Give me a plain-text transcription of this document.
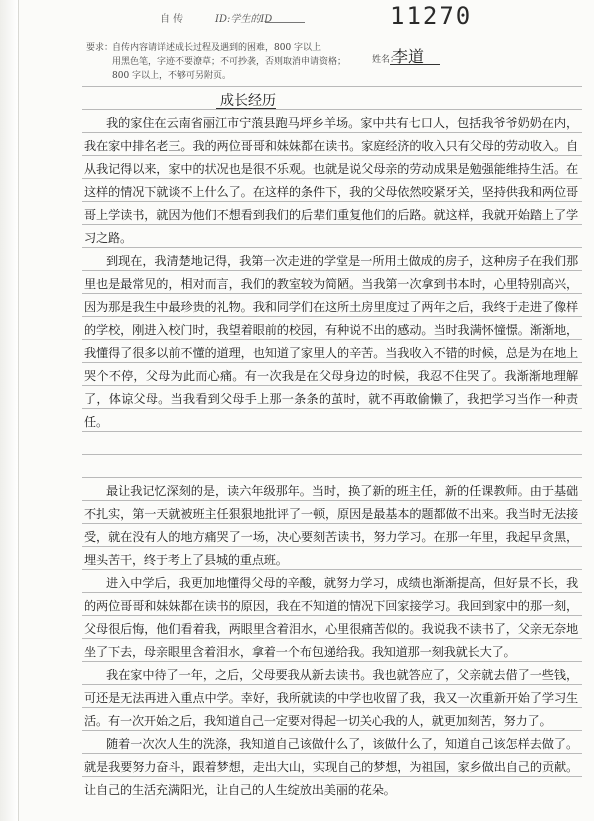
自 传	ID:学生的ID	11270
要求：
自传内容请详述成长过程及遇到的困难，800 字以上
用黑色笔，字迹不要潦草；不可抄袭，否则取消申请资格；
800 字以上，不够可另附页。
姓名：
李道
成长经历
我的家住在云南省丽江市宁蒗县跑马坪乡羊场。家中共有七口人，包括我爷爷奶奶在内，我在家中排名老三。我的两位哥哥和妹妹都在读书。家庭经济的收入只有父母的劳动收入。自从我记得以来，家中的状况也是很不乐观。也就是说父母亲的劳动成果是勉强能维持生活。在这样的情况下就谈不上什么了。在这样的条件下，我的父母依然咬紧牙关，坚持供我和两位哥哥上学读书，就因为他们不想看到我们的后辈们重复他们的后路。就这样，我就开始踏上了学习之路。
到现在，我清楚地记得，我第一次走进的学堂是一所用土做成的房子，这种房子在我们那里也是最常见的，相对而言，我们的教室较为简陋。当我第一次拿到书本时，心里特别高兴，因为那是我生中最珍贵的礼物。我和同学们在这所土房里度过了两年之后，我终于走进了像样的学校，刚进入校门时，我望着眼前的校园，有种说不出的感动。当时我满怀憧憬。渐渐地，我懂得了很多以前不懂的道理，也知道了家里人的辛苦。当我收入不错的时候，总是为在地上哭个不停，父母为此而心痛。有一次我是在父母身边的时候，我忍不住哭了。我渐渐地理解了，体谅父母。当我看到父母手上那一条条的茧时，就不再敢偷懒了，我把学习当作一种责任。
最让我记忆深刻的是，读六年级那年。当时，换了新的班主任，新的任课教师。由于基础不扎实，第一天就被班主任狠狠地批评了一顿，原因是最基本的题都做不出来。我当时无法接受，就在没有人的地方痛哭了一场，决心要刻苦读书，努力学习。在那一年里，我起早贪黑，埋头苦干，终于考上了县城的重点班。
进入中学后，我更加地懂得父母的辛酸，就努力学习，成绩也渐渐提高，但好景不长，我的两位哥哥和妹妹都在读书的原因，我在不知道的情况下回家接学习。我回到家中的那一刻，父母很后悔，他们看着我，两眼里含着泪水，心里很痛苦似的。我说我不读书了，父亲无奈地坐了下去，母亲眼里含着泪水，拿着一个布包递给我。我知道那一刻我就长大了。
我在家中待了一年，之后，父母要我从新去读书。我也就答应了，父亲就去借了一些钱，可还是无法再进入重点中学。幸好，我所就读的中学也收留了我，我又一次重新开始了学习生活。有一次开始之后，我知道自己一定要对得起一切关心我的人，就更加刻苦，努力了。
随着一次次人生的洗涤，我知道自己该做什么了，该做什么了，知道自己该怎样去做了。就是我要努力奋斗，跟着梦想，走出大山，实现自己的梦想，为祖国，家乡做出自己的贡献。让自己的生活充满阳光，让自己的人生绽放出美丽的花朵。
